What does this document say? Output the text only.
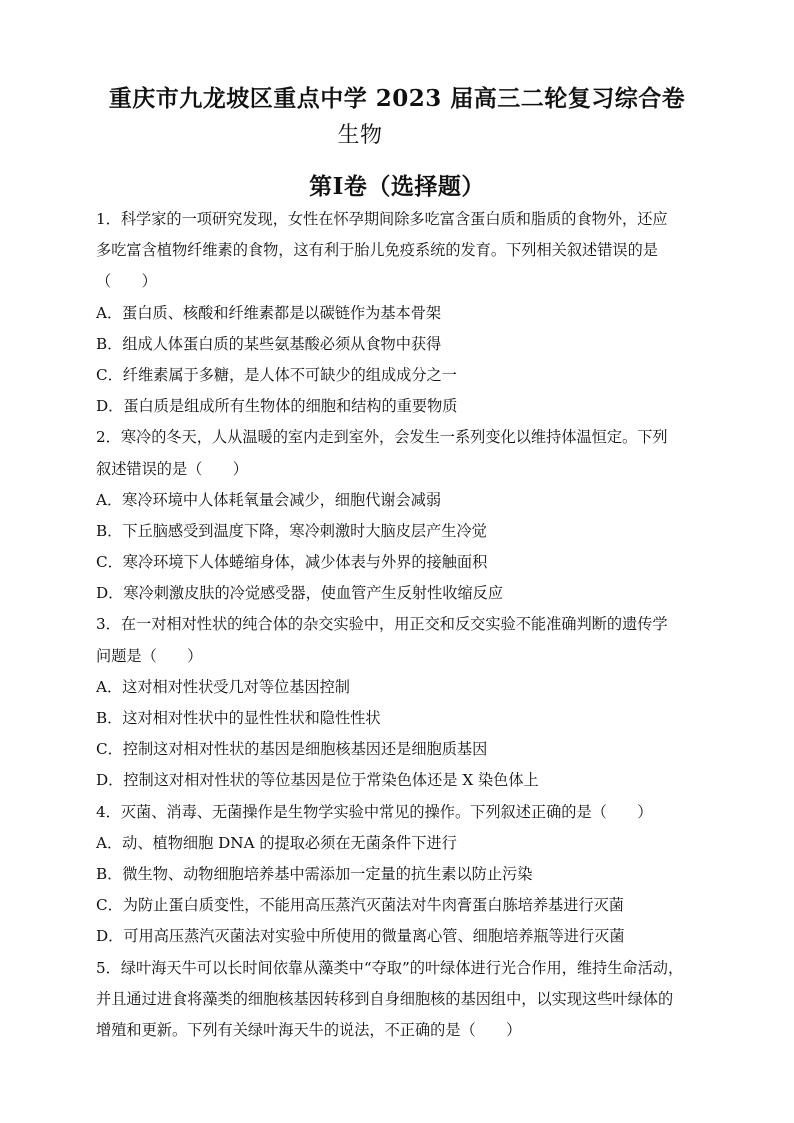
重庆市九龙坡区重点中学 2023 届高三二轮复习综合卷
生物
第Ⅰ卷（选择题）
1．科学家的一项研究发现，女性在怀孕期间除多吃富含蛋白质和脂质的食物外，还应
多吃富含植物纤维素的食物，这有利于胎儿免疫系统的发育。下列相关叙述错误的是
（　　）
A．蛋白质、核酸和纤维素都是以碳链作为基本骨架
B．组成人体蛋白质的某些氨基酸必须从食物中获得
C．纤维素属于多糖，是人体不可缺少的组成成分之一
D．蛋白质是组成所有生物体的细胞和结构的重要物质
2．寒冷的冬天，人从温暖的室内走到室外，会发生一系列变化以维持体温恒定。下列
叙述错误的是（　　）
A．寒冷环境中人体耗氧量会减少，细胞代谢会减弱
B．下丘脑感受到温度下降，寒冷刺激时大脑皮层产生冷觉
C．寒冷环境下人体蜷缩身体，减少体表与外界的接触面积
D．寒冷刺激皮肤的冷觉感受器，使血管产生反射性收缩反应
3．在一对相对性状的纯合体的杂交实验中，用正交和反交实验不能准确判断的遗传学
问题是（　　）
A．这对相对性状受几对等位基因控制
B．这对相对性状中的显性性状和隐性性状
C．控制这对相对性状的基因是细胞核基因还是细胞质基因
D．控制这对相对性状的等位基因是位于常染色体还是 X 染色体上
4．灭菌、消毒、无菌操作是生物学实验中常见的操作。下列叙述正确的是（　　）
A．动、植物细胞 DNA 的提取必须在无菌条件下进行
B．微生物、动物细胞培养基中需添加一定量的抗生素以防止污染
C．为防止蛋白质变性，不能用高压蒸汽灭菌法对牛肉膏蛋白胨培养基进行灭菌
D．可用高压蒸汽灭菌法对实验中所使用的微量离心管、细胞培养瓶等进行灭菌
5．绿叶海天牛可以长时间依靠从藻类中“夺取”的叶绿体进行光合作用，维持生命活动，
并且通过进食将藻类的细胞核基因转移到自身细胞核的基因组中，以实现这些叶绿体的
增殖和更新。下列有关绿叶海天牛的说法，不正确的是（　　）
